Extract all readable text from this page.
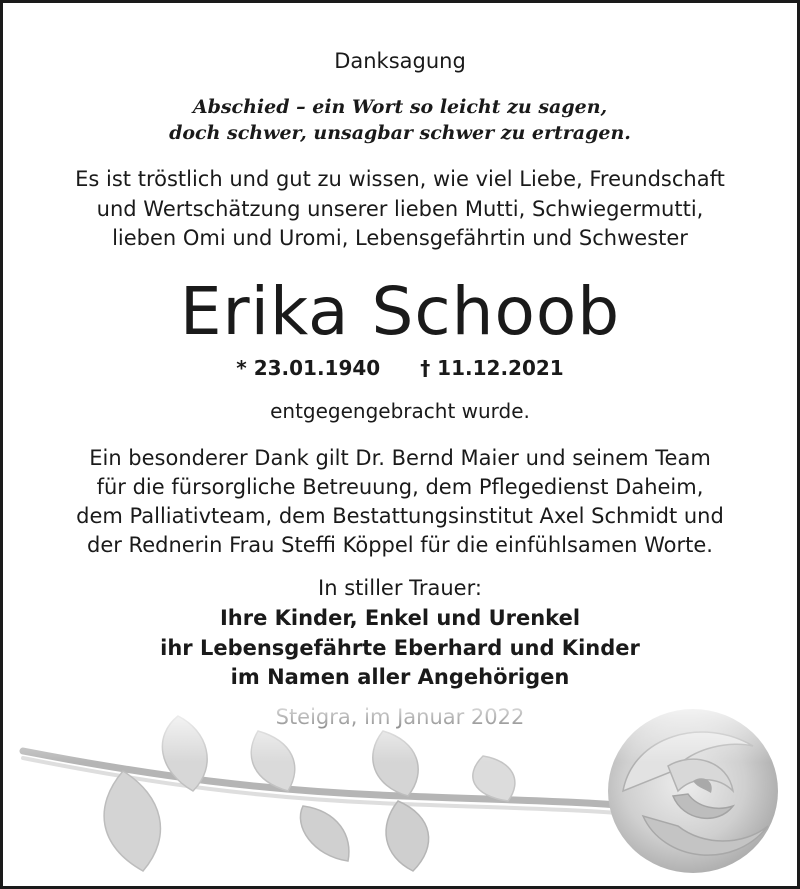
Danksagung
Abschied – ein Wort so leicht zu sagen,
doch schwer, unsagbar schwer zu ertragen.
Es ist tröstlich und gut zu wissen, wie viel Liebe, Freundschaft
und Wertschätzung unserer lieben Mutti, Schwiegermutti,
lieben Omi und Uromi, Lebensgefährtin und Schwester
Erika Schoob
* 23.01.1940 † 11.12.2021
entgegengebracht wurde.
Ein besonderer Dank gilt Dr. Bernd Maier und seinem Team
für die fürsorgliche Betreuung, dem Pflegedienst Daheim,
dem Palliativteam, dem Bestattungsinstitut Axel Schmidt und
der Rednerin Frau Steffi Köppel für die einfühlsamen Worte.
In stiller Trauer:
Ihre Kinder, Enkel und Urenkel
ihr Lebensgefährte Eberhard und Kinder
im Namen aller Angehörigen
